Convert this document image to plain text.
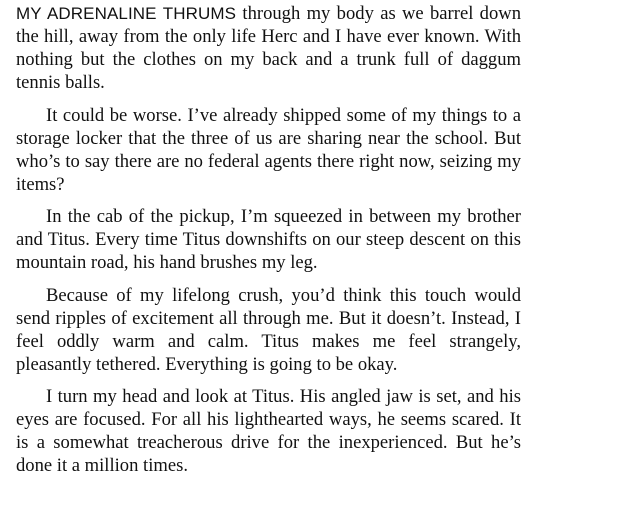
MY ADRENALINE THRUMS through my body as we barrel down the hill, away from the only life Herc and I have ever known. With nothing but the clothes on my back and a trunk full of daggum tennis balls.

It could be worse. I’ve already shipped some of my things to a storage locker that the three of us are sharing near the school. But who’s to say there are no federal agents there right now, seizing my items?

In the cab of the pickup, I’m squeezed in between my brother and Titus. Every time Titus downshifts on our steep descent on this mountain road, his hand brushes my leg.

Because of my lifelong crush, you’d think this touch would send ripples of excitement all through me. But it doesn’t. Instead, I feel oddly warm and calm. Titus makes me feel strangely, pleasantly tethered. Everything is going to be okay.

I turn my head and look at Titus. His angled jaw is set, and his eyes are focused. For all his lighthearted ways, he seems scared. It is a somewhat treacherous drive for the inexperienced. But he’s done it a million times.
